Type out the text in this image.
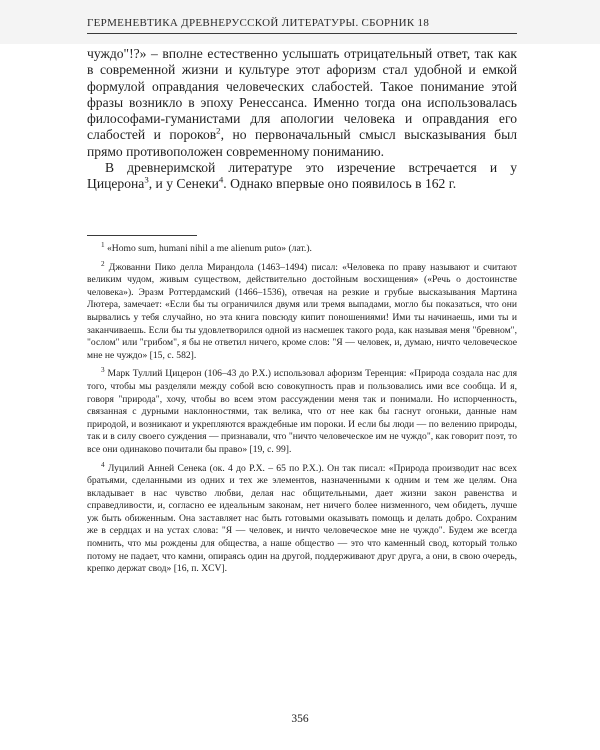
ГЕРМЕНЕВТИКА ДРЕВНЕРУССКОЙ ЛИТЕРАТУРЫ. СБОРНИК 18

чуждо"!?» – вполне естественно услышать отрицательный ответ, так как в современной жизни и культуре этот афоризм стал удобной и емкой формулой оправдания человеческих слабостей. Такое понимание этой фразы возникло в эпоху Ренессанса. Именно тогда она использовалась философами-гуманистами для апологии человека и оправдания его слабостей и пороков$^2$, но первоначальный смысл высказывания был прямо противоположен современному пониманию.

В древнеримской литературе это изречение встречается и у Цицерона$^3$, и у Сенеки$^4$. Однако впервые оно появилось в 162 г.

$^1$ «Homo sum, humani nihil a me alienum puto» (лат.).

$^2$ Джованни Пико делла Мирандола (1463–1494) писал: «Человека по праву называют и считают великим чудом, живым существом, действительно достойным восхищения» («Речь о достоинстве человека»). Эразм Роттердамский (1466–1536), отвечая на резкие и грубые высказывания Мартина Лютера, замечает: «Если бы ты ограничился двумя или тремя выпадами, могло бы показаться, что они вырвались у тебя случайно, но эта книга повсюду кипит поношениями! Ими ты начинаешь, ими ты и заканчиваешь. Если бы ты удовлетворился одной из насмешек такого рода, как называя меня "бревном", "ослом" или "грибом", я бы не ответил ничего, кроме слов: "Я — человек, и, думаю, ничто человеческое мне не чуждо» [15, с. 582].

$^3$ Марк Туллий Цицерон (106–43 до Р.Х.) использовал афоризм Теренция: «Природа создала нас для того, чтобы мы разделяли между собой всю совокупность прав и пользовались ими все сообща. И я, говоря "природа", хочу, чтобы во всем этом рассуждении меня так и понимали. Но испорченность, связанная с дурными наклонностями, так велика, что от нее как бы гаснут огоньки, данные нам природой, и возникают и укрепляются враждебные им пороки. И если бы люди — по велению природы, так и в силу своего суждения — признавали, что "ничто человеческое им не чуждо", как говорит поэт, то все они одинаково почитали бы право» [19, с. 99].

$^4$ Луцилий Анней Сенека (ок. 4 до Р.Х. – 65 по Р.Х.). Он так писал: «Природа производит нас всех братьями, сделанными из одних и тех же элементов, назначенными к одним и тем же целям. Она вкладывает в нас чувство любви, делая нас общительными, дает жизни закон равенства и справедливости, и, согласно ее идеальным законам, нет ничего более низменного, чем обидеть, лучше уж быть обиженным. Она заставляет нас быть готовыми оказывать помощь и делать добро. Сохраним же в сердцах и на устах слова: "Я — человек, и ничто человеческое мне не чуждо". Будем же всегда помнить, что мы рождены для общества, а наше общество — это что каменный свод, который только потому не падает, что камни, опираясь один на другой, поддерживают друг друга, а они, в свою очередь, крепко держат свод» [16, п. XCV].

356
